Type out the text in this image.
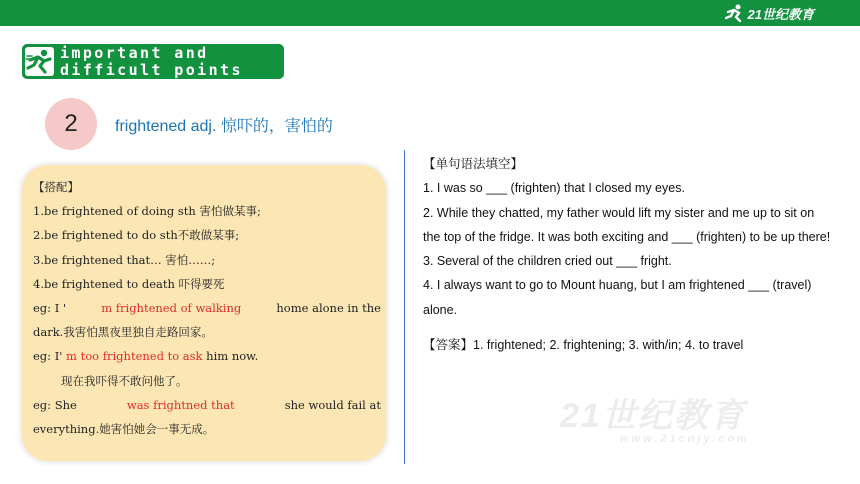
21世纪教育
important and
difficult points
2 frightened adj. 惊吓的，害怕的
【搭配】
1.be frightened of doing sth 害怕做某事;
2.be frightened to do sth不敢做某事;
3.be frightened that… 害怕……;
4.be frightened to death 吓得要死
eg: I '	m frightened of walking	home alone in the
dark.我害怕黑夜里独自走路回家。
eg: I' m too frightened to ask him now.
现在我吓得不敢问他了。
eg: She	was frightned that	she would fail at
everything.她害怕她会一事无成。	21世纪教育
www.21cnjy.com

【单句语法填空】

1. I was so ___ (frighten) that I closed my eyes.

2. While they chatted, my father would lift my sister and me up to sit on the top of the fridge. It was both exciting and ___ (frighten) to be up there!

3. Several of the children cried out ___ fright.

4. I always want to go to Mount huang, but I am frightened ___ (travel) alone.

【答案】1. frightened; 2. frightening; 3. with/in; 4. to travel
